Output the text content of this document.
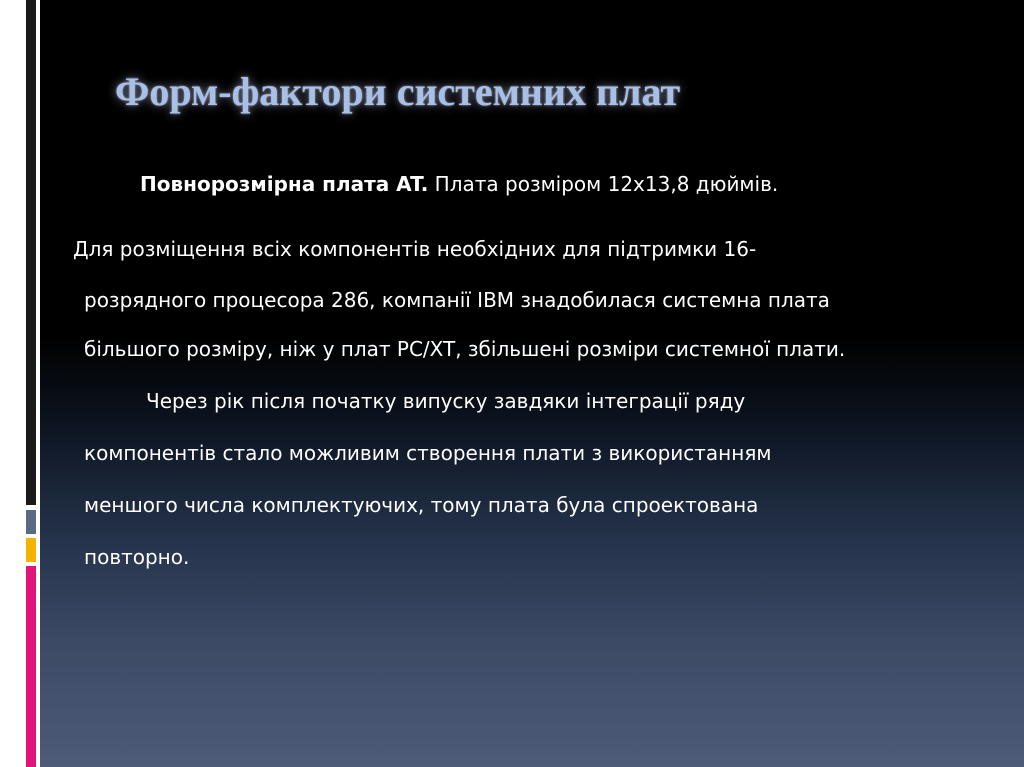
Форм-фактори системних плат

Повнорозмірна плата AT. Плата розміром 12x13,8 дюймів.

Для розміщення всіх компонентів необхідних для підтримки 16-

розрядного процесора 286, компанії IBM знадобилася системна плата

більшого розміру, ніж у плат PC/XT, збільшені розміри системної плати.

Через рік після початку випуску завдяки інтеграції ряду

компонентів стало можливим створення плати з використанням

меншого числа комплектуючих, тому плата була спроектована

повторно.
